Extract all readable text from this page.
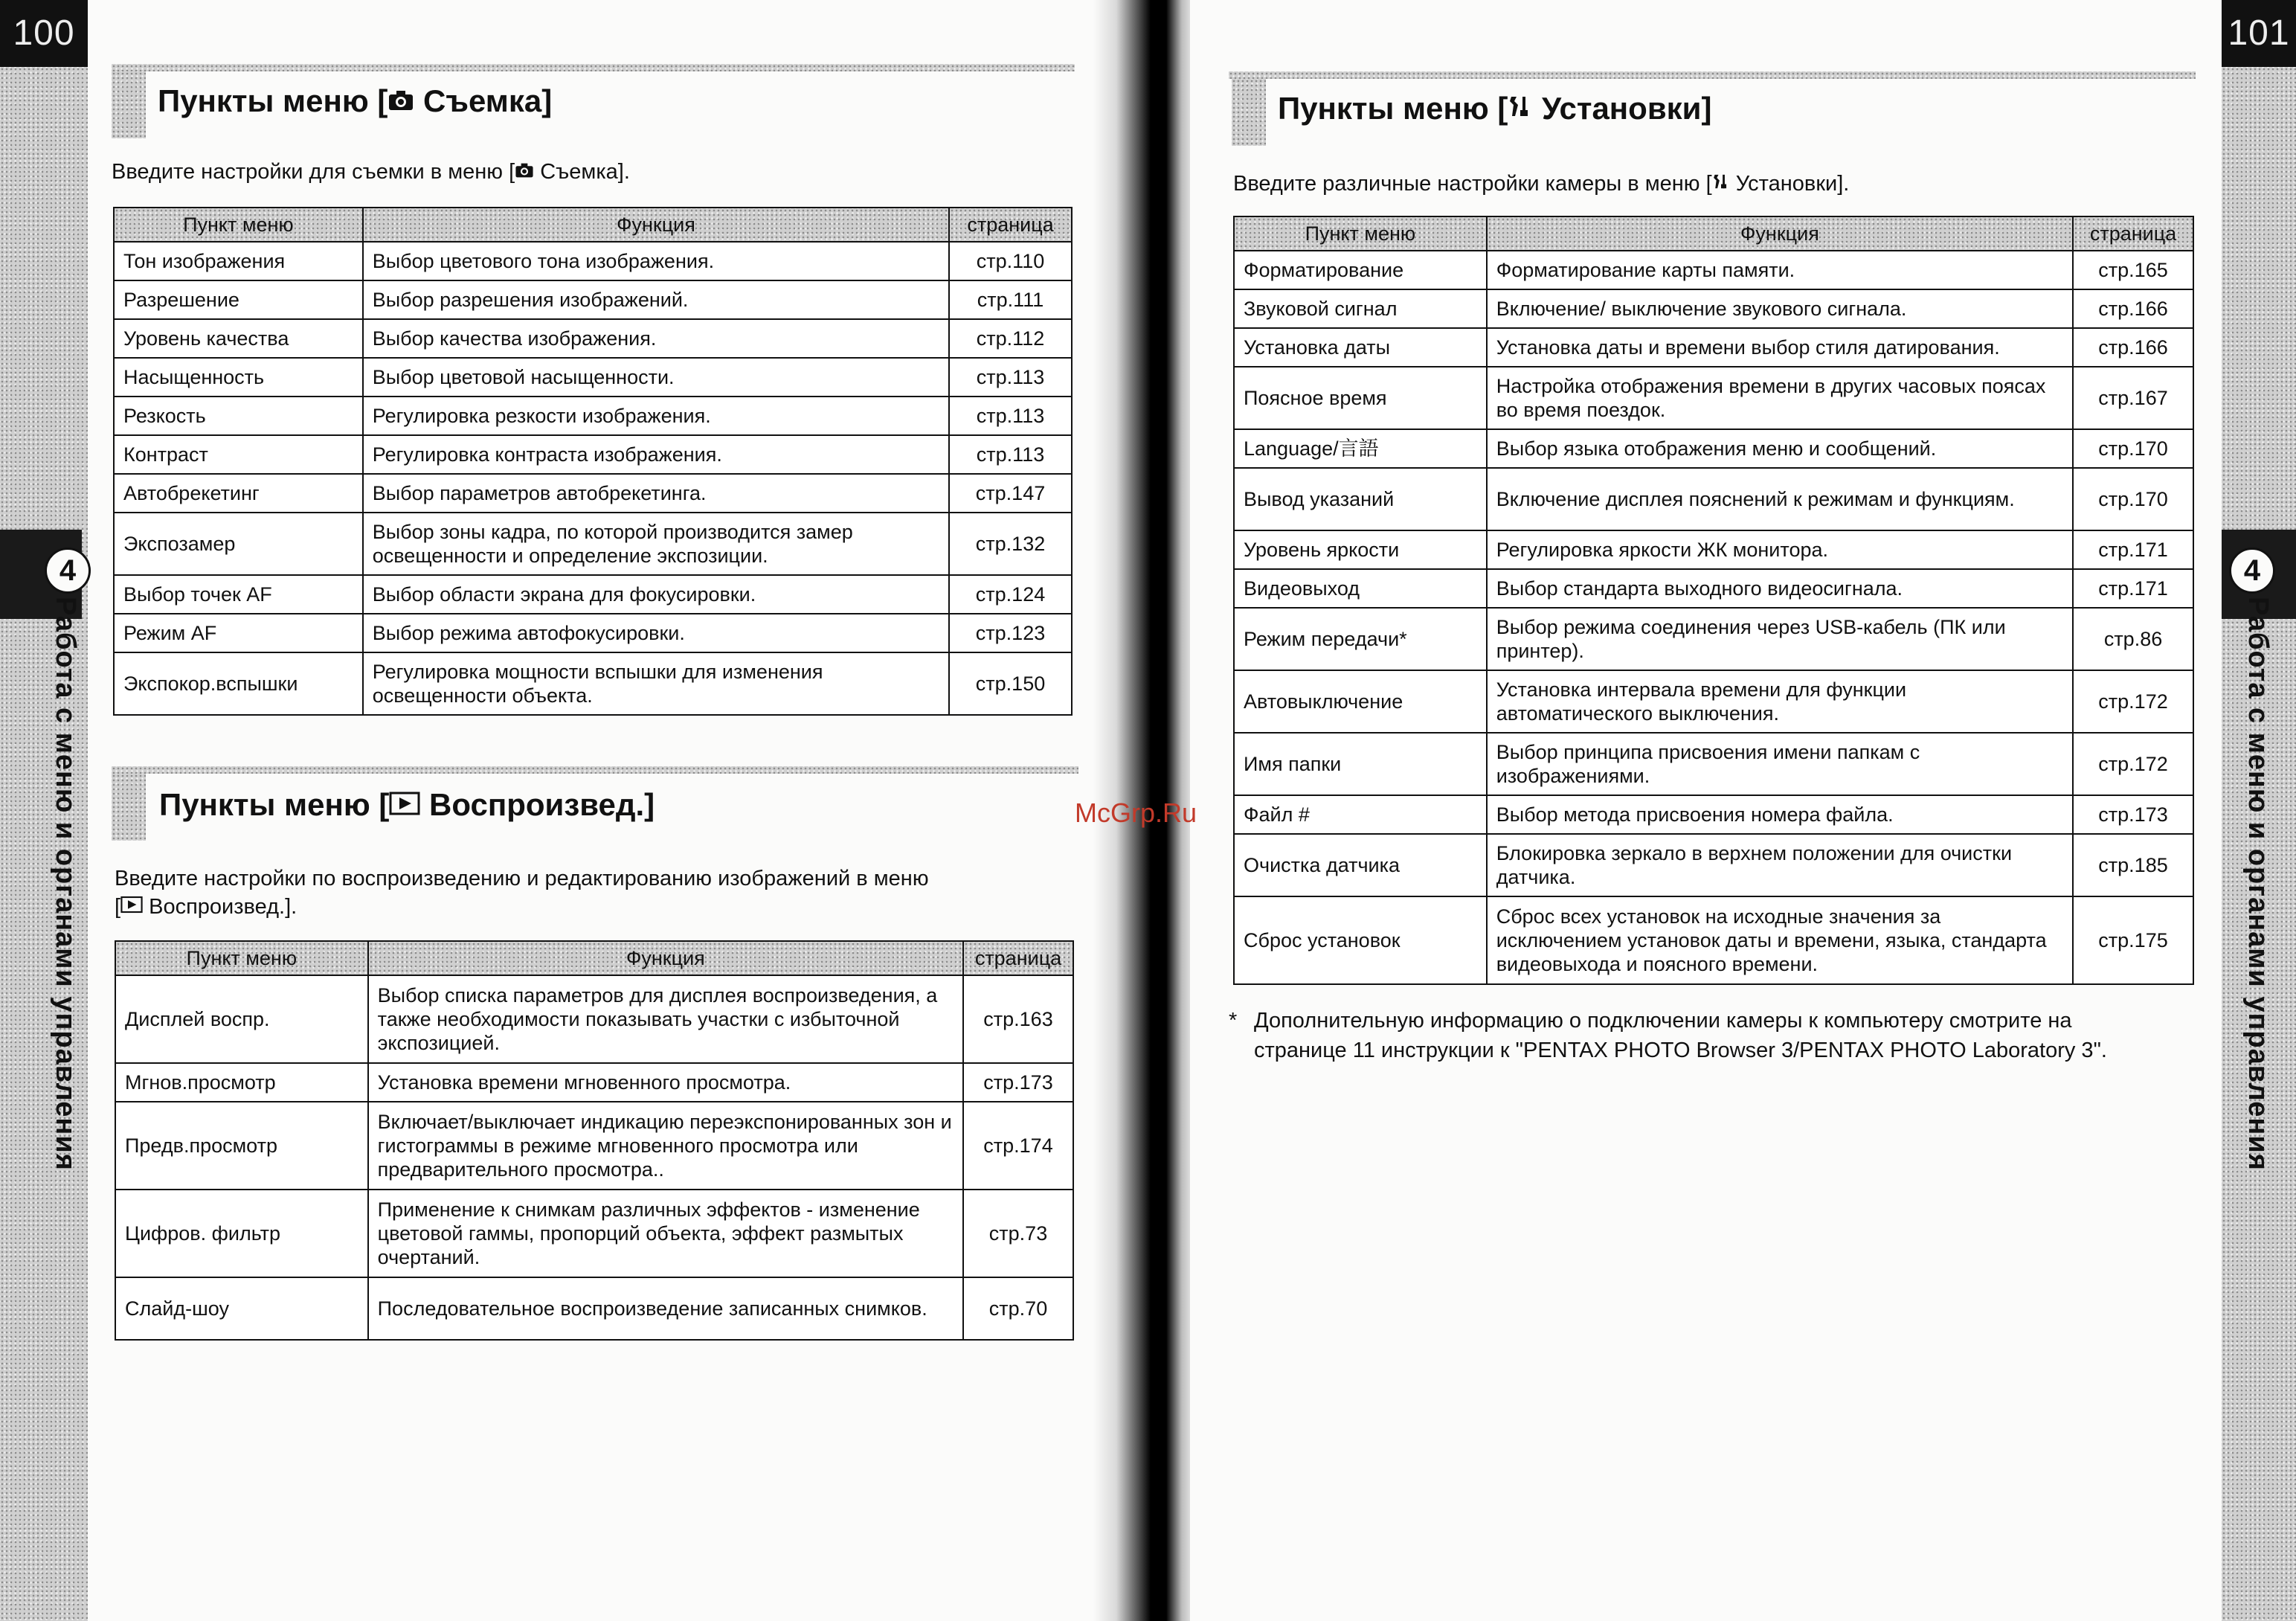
100
4
Работа с меню и органами управления
Пункты меню [ Съемка]
Введите настройки для съемки в меню [ Съемка].
Пункт меню	Функция	страница
Тон изображения	Выбор цветового тона изображения.	стр.110
Разрешение	Выбор разрешения изображений.	стр.111
Уровень качества	Выбор качества изображения.	стр.112
Насыщенность	Выбор цветовой насыщенности.	стр.113
Резкость	Регулировка резкости изображения.	стр.113
Контраст	Регулировка контраста изображения.	стр.113
Автобрекетинг	Выбор параметров автобрекетинга.	стр.147
Экспозамер	Выбор зоны кадра, по которой производится замер освещенности и определение экспозиции.	стр.132
Выбор точек AF	Выбор области экрана для фокусировки.	стр.124
Режим AF	Выбор режима автофокусировки.	стр.123
Экспокор.вспышки	Регулировка мощности вспышки для изменения освещенности объекта.	стр.150
Пункты меню [ Воспроизвед.]
Введите настройки по воспроизведению и редактированию изображений в меню
[ Воспроизвед.].
Пункт меню	Функция	страница
Дисплей воспр.	Выбор списка параметров для дисплея воспроизведения, а также необходимости показывать участки с избыточной экспозицией.	стр.163
Мгнов.просмотр	Установка времени мгновенного просмотра.	стр.173
Предв.просмотр	Включает/выключает индикацию переэкспонированных зон и гистограммы в режиме мгновенного просмотра или предварительного просмотра..	стр.174
Цифров. фильтр	Применение к снимкам различных эффектов - изменение цветовой гаммы, пропорций объекта, эффект размытых очертаний.	стр.73
Слайд-шоу	Последовательное воспроизведение записанных снимков.	стр.70
101
4
Работа с меню и органами управления
Пункты меню [ Установки]
Введите различные настройки камеры в меню [ Установки].
Пункт меню	Функция	страница
Форматирование	Форматирование карты памяти.	стр.165
Звуковой сигнал	Включение/ выключение звукового сигнала.	стр.166
Установка даты	Установка даты и времени выбор стиля датирования.	стр.166
Поясное время	Настройка отображения времени в других часовых поясах во время поездок.	стр.167
Language/言語	Выбор языка отображения меню и сообщений.	стр.170
Вывод указаний	Включение дисплея пояснений к режимам и функциям.	стр.170
Уровень яркости	Регулировка яркости ЖК монитора.	стр.171
Видеовыход	Выбор стандарта выходного видеосигнала.	стр.171
Режим передачи*	Выбор режима соединения через USB-кабель (ПК или принтер).	стр.86
Автовыключение	Установка интервала времени для функции автоматического выключения.	стр.172
Имя папки	Выбор принципа присвоения имени папкам с изображениями.	стр.172
Файл #	Выбор метода присвоения номера файла.	стр.173
Очистка датчика	Блокировка зеркало в верхнем положении для очистки датчика.	стр.185
Сброс установок	Сброс всех установок на исходные значения за исключением установок даты и времени, языка, стандарта видеовыхода и поясного времени.	стр.175
* Дополнительную информацию о подключении камеры к компьютеру смотрите на
странице 11 инструкции к "PENTAX PHOTO Browser 3/PENTAX PHOTO Laboratory 3".
McGrp.Ru
